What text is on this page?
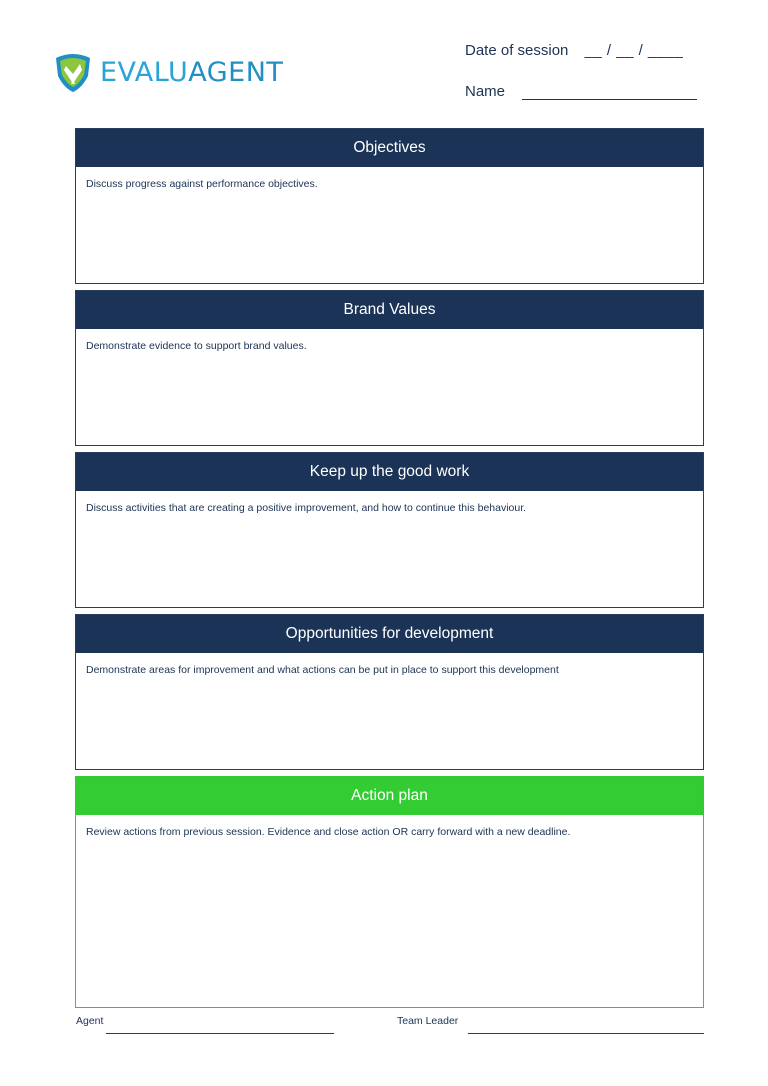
EVALUAGENT
Date of session __ / __ / ____
Name
Objectives
Discuss progress against performance objectives.
Brand Values
Demonstrate evidence to support brand values.
Keep up the good work
Discuss activities that are creating a positive improvement, and how to continue this behaviour.
Opportunities for development
Demonstrate areas for improvement and what actions can be put in place to support this development
Action plan
Review actions from previous session. Evidence and close action OR carry forward with a new deadline.
Agent	Team Leader
